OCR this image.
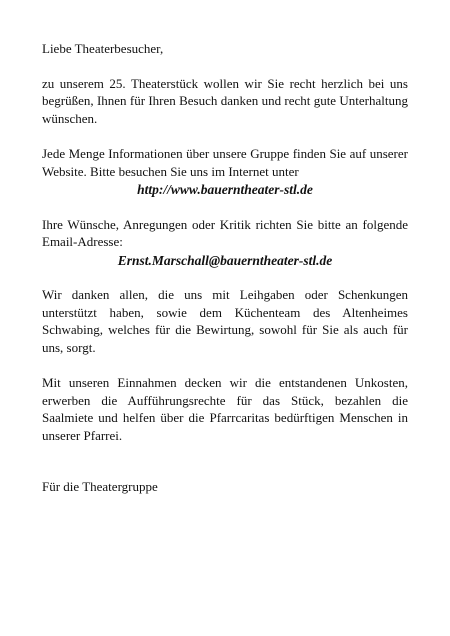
Liebe Theaterbesucher,

zu unserem 25. Theaterstück wollen wir Sie recht herzlich bei uns begrüßen, Ihnen für Ihren Besuch danken und recht gute Unterhaltung wünschen.

Jede Menge Informationen über unsere Gruppe finden Sie auf unserer Website. Bitte besuchen Sie uns im Internet unter

http://www.bauerntheater-stl.de

Ihre Wünsche, Anregungen oder Kritik richten Sie bitte an folgende Email-Adresse:

Ernst.Marschall@bauerntheater-stl.de

Wir danken allen, die uns mit Leihgaben oder Schenkungen unterstützt haben, sowie dem Küchenteam des Altenheimes Schwabing, welches für die Bewirtung, sowohl für Sie als auch für uns, sorgt.

Mit unseren Einnahmen decken wir die entstandenen Unkosten, erwerben die Aufführungsrechte für das Stück, bezahlen die Saalmiete und helfen über die Pfarrcaritas bedürftigen Menschen in unserer Pfarrei.

Für die Theatergruppe
